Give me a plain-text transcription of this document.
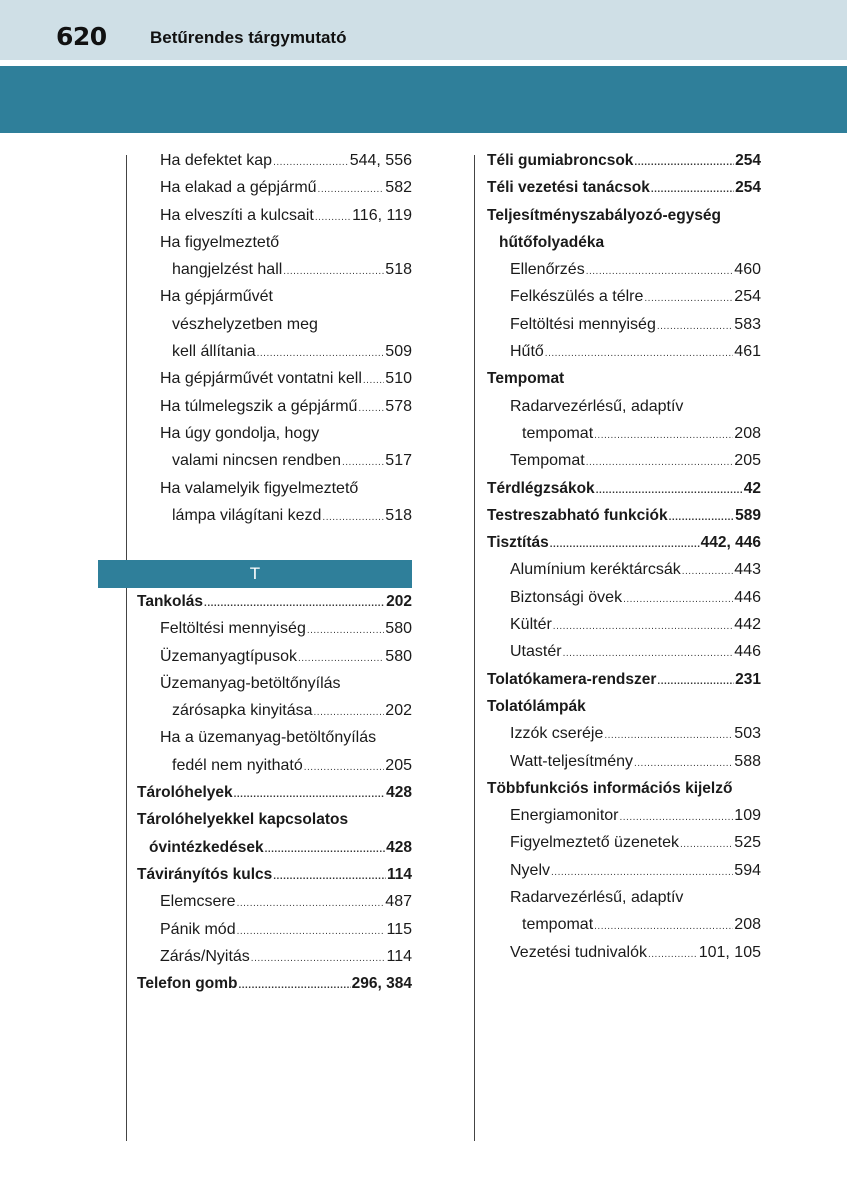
620	Betűrendes tárgymutató
Ha defektet kap .....	544, 556
Ha elakad a gépjármű .....	582
Ha elveszíti a kulcsait ..... 116, 119
Ha figyelmeztető
hangjelzést hall .....	518
Ha gépjárművét
vészhelyzetben meg
kell állítania .....	509
Ha gépjárművét vontatni kell ..... 510
Ha túlmelegszik a gépjármű ..... 578
Ha úgy gondolja, hogy
valami nincsen rendben .....	517
Ha valamelyik figyelmeztető
lámpa világítani kezd .....	518
T
Tankolás .....	202
Feltöltési mennyiség .....	580
Üzemanyagtípusok .....	580
Üzemanyag-betöltőnyílás
zárósapka kinyitása .....	202
Ha a üzemanyag-betöltőnyílás
fedél nem nyitható .....	205
Tárolóhelyek .....	428
Tárolóhelyekkel kapcsolatos
óvintézkedések .....	428
Távirányítós kulcs .....	114
Elemcsere .....	487
Pánik mód .....	115
Zárás/Nyitás .....	114
Telefon gomb .....	296, 384
Téli gumiabroncsok .....	254
Téli vezetési tanácsok .....	254
Teljesítményszabályozó-egység
hűtőfolyadéka
Ellenőrzés .....	460
Felkészülés a télre .....	254
Feltöltési mennyiség .....	583
Hűtő .....	461
Tempomat
Radarvezérlésű, adaptív
tempomat .....	208
Tempomat .....	205
Térdlégzsákok .....	42
Testreszabható funkciók .....	589
Tisztítás .....	442, 446
Alumínium keréktárcsák .....	443
Biztonsági övek .....	446
Kültér .....	442
Utastér .....	446
Tolatókamera-rendszer .....	231
Tolatólámpák
Izzók cseréje .....	503
Watt-teljesítmény .....	588
Többfunkciós információs kijelző
Energiamonitor .....	109
Figyelmeztető üzenetek .....	525
Nyelv .....	594
Radarvezérlésű, adaptív
tempomat .....	208
Vezetési tudnivalók .....	101, 105
